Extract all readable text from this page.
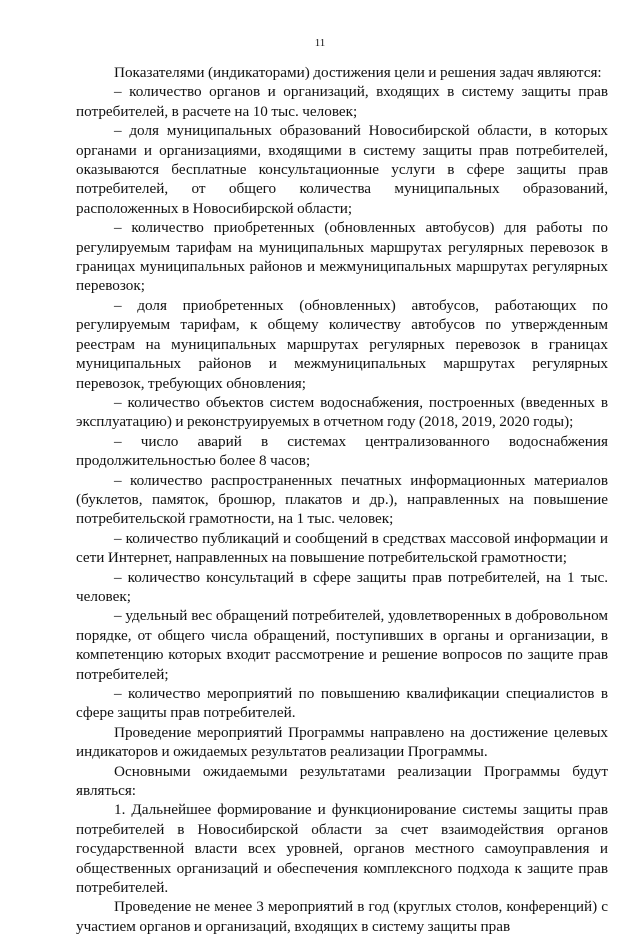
11

Показателями (индикаторами) достижения цели и решения задач являются:

– количество органов и организаций, входящих в систему защиты прав потребителей, в расчете на 10 тыс. человек;

– доля муниципальных образований Новосибирской области, в которых органами и организациями, входящими в систему защиты прав потребителей, оказываются бесплатные консультационные услуги в сфере защиты прав потребителей, от общего количества муниципальных образований, расположенных в Новосибирской области;

– количество приобретенных (обновленных автобусов) для работы по регулируемым тарифам на муниципальных маршрутах регулярных перевозок в границах муниципальных районов и межмуниципальных маршрутах регулярных перевозок;

– доля приобретенных (обновленных) автобусов, работающих по регулируемым тарифам, к общему количеству автобусов по утвержденным реестрам на муниципальных маршрутах регулярных перевозок в границах муниципальных районов и межмуниципальных маршрутах регулярных перевозок, требующих обновления;

– количество объектов систем водоснабжения, построенных (введенных в эксплуатацию) и реконструируемых в отчетном году (2018, 2019, 2020 годы);

– число аварий в системах централизованного водоснабжения продолжительностью более 8 часов;

– количество распространенных печатных информационных материалов (буклетов, памяток, брошюр, плакатов и др.), направленных на повышение потребительской грамотности, на 1 тыс. человек;

– количество публикаций и сообщений в средствах массовой информации и сети Интернет, направленных на повышение потребительской грамотности;

– количество консультаций в сфере защиты прав потребителей, на 1 тыс. человек;

– удельный вес обращений потребителей, удовлетворенных в добровольном порядке, от общего числа обращений, поступивших в органы и организации, в компетенцию которых входит рассмотрение и решение вопросов по защите прав потребителей;

– количество мероприятий по повышению квалификации специалистов в сфере защиты прав потребителей.

Проведение мероприятий Программы направлено на достижение целевых индикаторов и ожидаемых результатов реализации Программы.

Основными ожидаемыми результатами реализации Программы будут являться:

1. Дальнейшее формирование и функционирование системы защиты прав потребителей в Новосибирской области за счет взаимодействия органов государственной власти всех уровней, органов местного самоуправления и общественных организаций и обеспечения комплексного подхода к защите прав потребителей.

Проведение не менее 3 мероприятий в год (круглых столов, конференций) с участием органов и организаций, входящих в систему защиты прав
